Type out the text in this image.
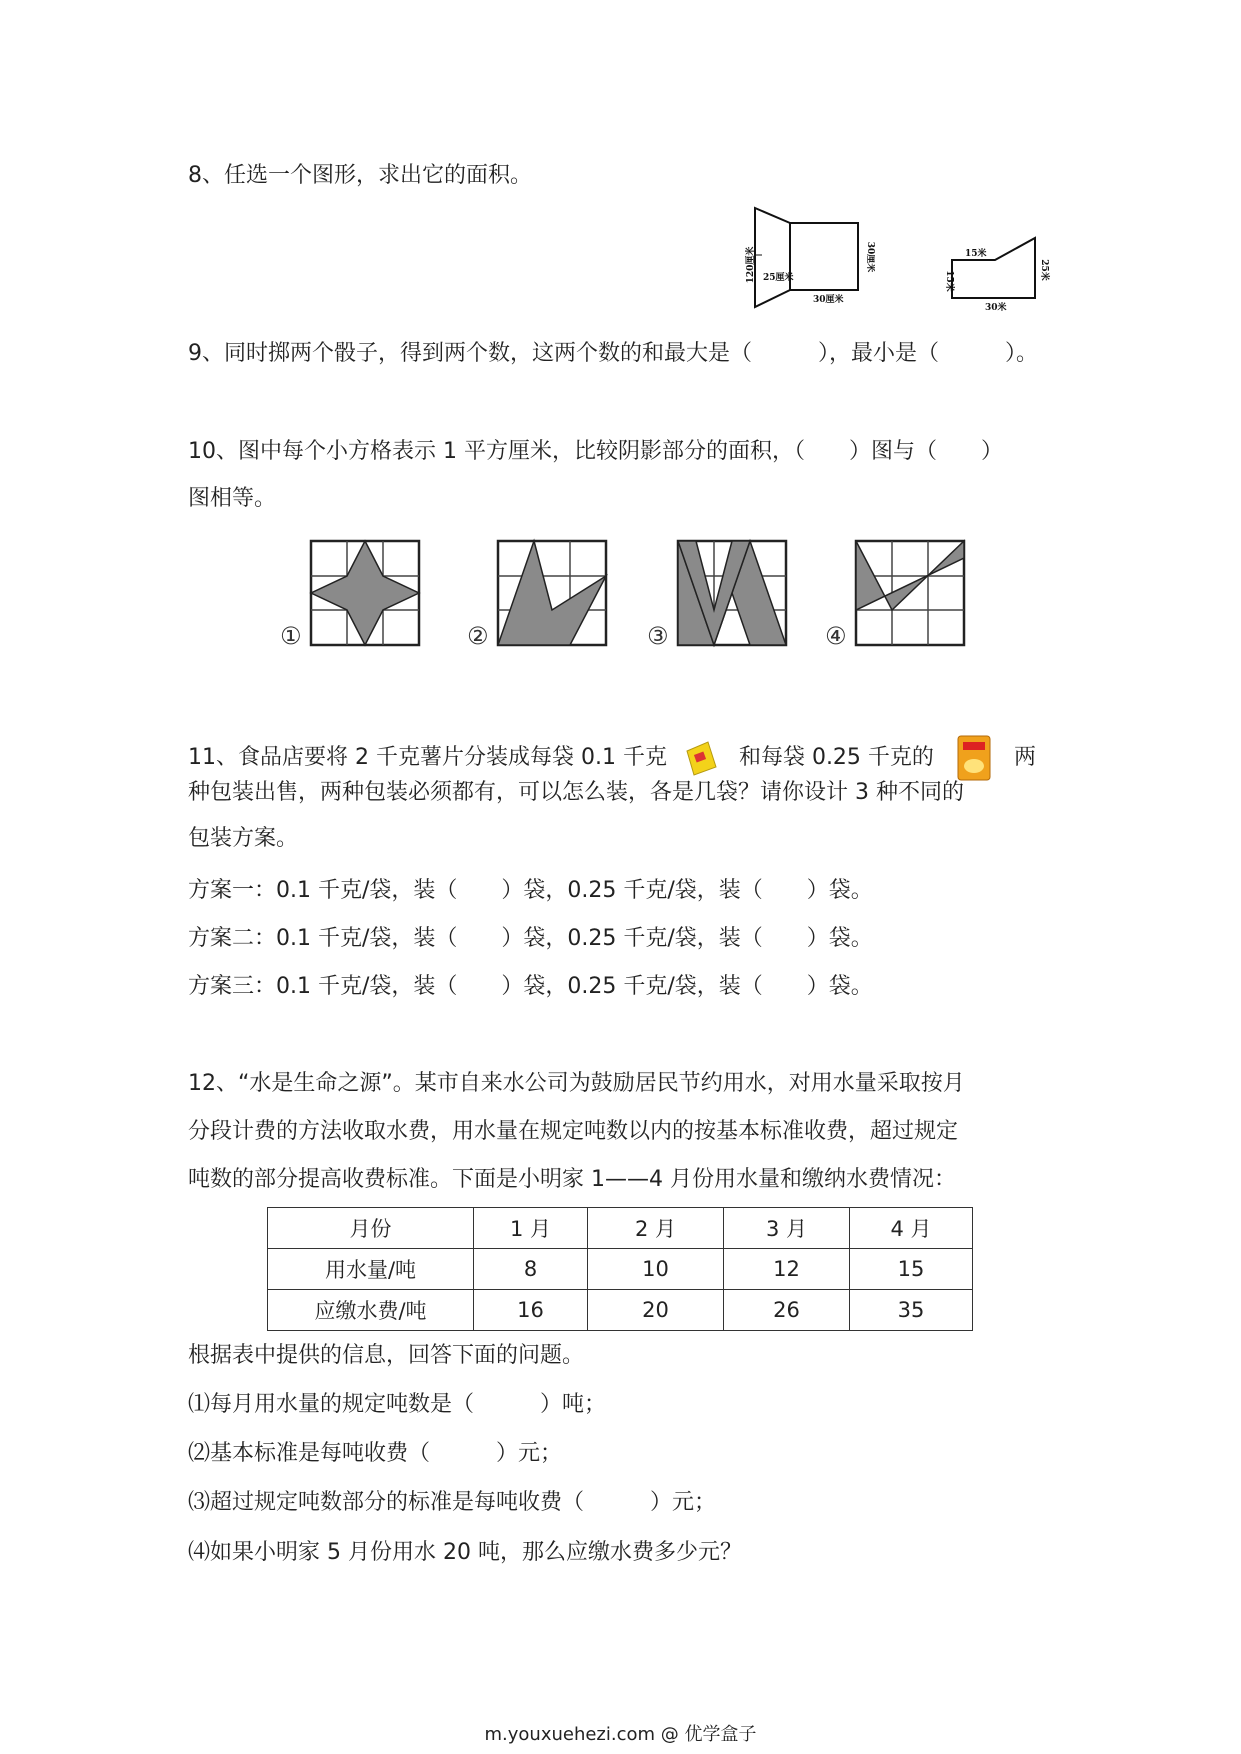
8、任选一个图形，求出它的面积。
120厘米 25厘米
30厘米
30厘米	15米
15米
30米
25米
9、同时掷两个骰子，得到两个数，这两个数的和最大是（　　　），最小是（　　　）。
10、图中每个小方格表示 1 平方厘米，比较阴影部分的面积，（　　）图与（　　）
图相等。
①	②	③	④
11、食品店要将 2 千克薯片分装成每袋 0.1 千克	和每袋 0.25 千克的	两
种包装出售，两种包装必须都有，可以怎么装，各是几袋？请你设计 3 种不同的
包装方案。
方案一：0.1 千克/袋，装（　　）袋，0.25 千克/袋，装（　　）袋。
方案二：0.1 千克/袋，装（　　）袋，0.25 千克/袋，装（　　）袋。
方案三：0.1 千克/袋，装（　　）袋，0.25 千克/袋，装（　　）袋。
12、“水是生命之源”。某市自来水公司为鼓励居民节约用水，对用水量采取按月
分段计费的方法收取水费，用水量在规定吨数以内的按基本标准收费，超过规定
吨数的部分提高收费标准。下面是小明家 1——4 月份用水量和缴纳水费情况：
月份	1 月	2 月	3 月	4 月
用水量/吨	8	10	12	15
应缴水费/吨	16	20	26	35
根据表中提供的信息，回答下面的问题。
⑴每月用水量的规定吨数是（　　　）吨；
⑵基本标准是每吨收费（　　　）元；
⑶超过规定吨数部分的标准是每吨收费（　　　）元；
⑷如果小明家 5 月份用水 20 吨，那么应缴水费多少元？
m.youxuehezi.com @ 优学盒子
